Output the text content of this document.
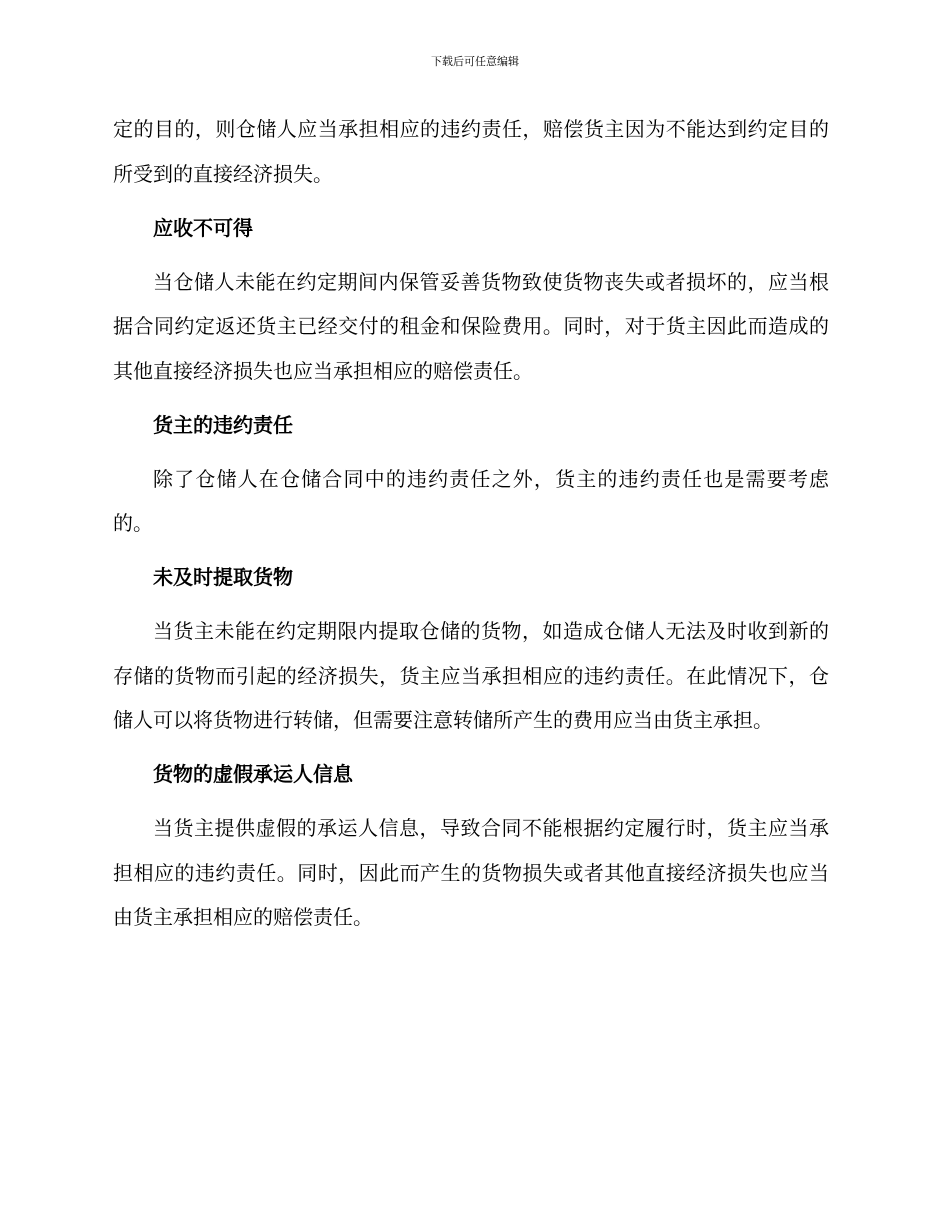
下载后可任意编辑

定的目的，则仓储人应当承担相应的违约责任，赔偿货主因为不能达到约定目的所受到的直接经济损失。

应收不可得

当仓储人未能在约定期间内保管妥善货物致使货物丧失或者损坏的，应当根据合同约定返还货主已经交付的租金和保险费用。同时，对于货主因此而造成的其他直接经济损失也应当承担相应的赔偿责任。

货主的违约责任

除了仓储人在仓储合同中的违约责任之外，货主的违约责任也是需要考虑的。

未及时提取货物

当货主未能在约定期限内提取仓储的货物，如造成仓储人无法及时收到新的存储的货物而引起的经济损失，货主应当承担相应的违约责任。在此情况下，仓储人可以将货物进行转储，但需要注意转储所产生的费用应当由货主承担。

货物的虚假承运人信息

当货主提供虚假的承运人信息，导致合同不能根据约定履行时，货主应当承担相应的违约责任。同时，因此而产生的货物损失或者其他直接经济损失也应当由货主承担相应的赔偿责任。
